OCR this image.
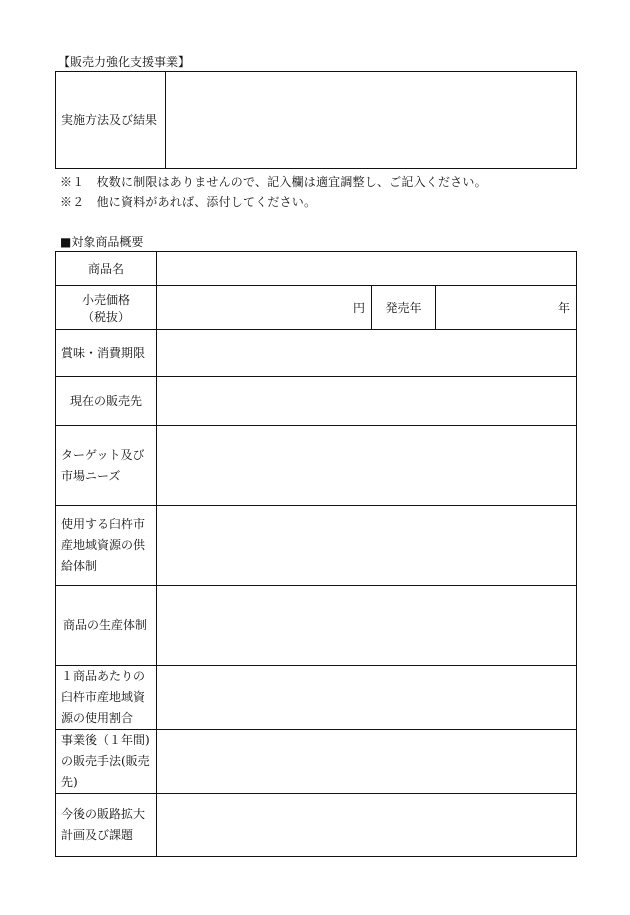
【販売力強化支援事業】
実施方法及び結果	
※１　枚数に制限はありませんので、記入欄は適宜調整し、ご記入ください。
※２　他に資料があれば、添付してください。
■対象商品概要
商品名			

小売価格
（税抜）	円	発売年	年
賞味・消費期限			
現在の販売先			

ターゲット及び
市場ニーズ			

使用する臼杵市
産地域資源の供
給体制			

商品の生産体制			

１商品あたりの
臼杵市産地域資
源の使用割合			

事業後（１年間)
の販売手法(販売
先)			

今後の販路拡大
計画及び課題			
